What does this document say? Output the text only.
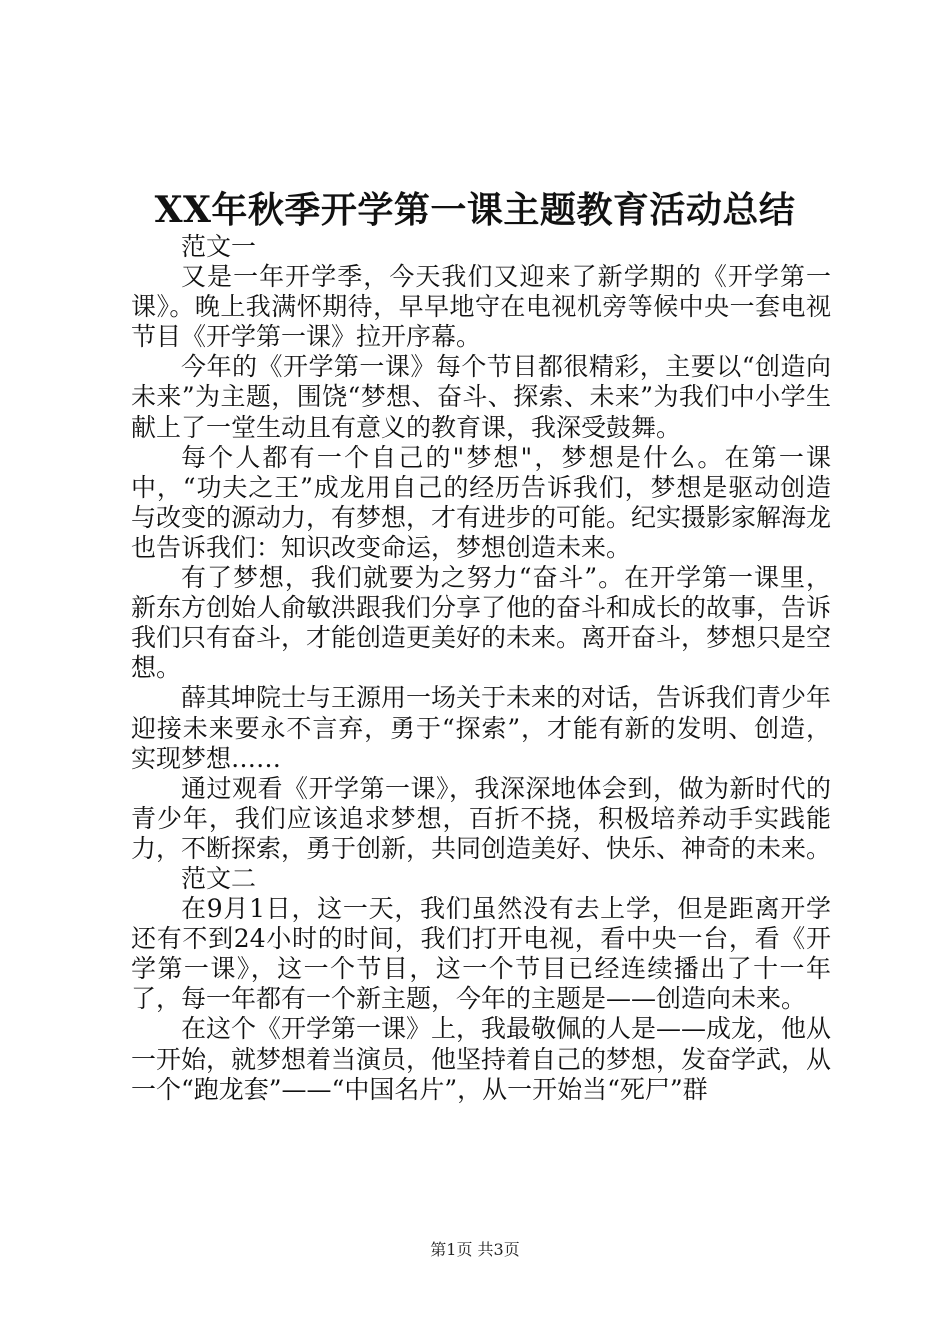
XX年秋季开学第一课主题教育活动总结

范文一

又是一年开学季，今天我们又迎来了新学期的《开学第一课》。晚上我满怀期待，早早地守在电视机旁等候中央一套电视节目《开学第一课》拉开序幕。

今年的《开学第一课》每个节目都很精彩，主要以“创造向未来”为主题，围饶“梦想、奋斗、探索、未来”为我们中小学生献上了一堂生动且有意义的教育课，我深受鼓舞。

每个人都有一个自己的"梦想"，梦想是什么。在第一课中，“功夫之王”成龙用自己的经历告诉我们，梦想是驱动创造与改变的源动力，有梦想，才有进步的可能。纪实摄影家解海龙也告诉我们：知识改变命运，梦想创造未来。

有了梦想，我们就要为之努力“奋斗”。在开学第一课里，新东方创始人俞敏洪跟我们分享了他的奋斗和成长的故事，告诉我们只有奋斗，才能创造更美好的未来。离开奋斗，梦想只是空想。

薛其坤院士与王源用一场关于未来的对话，告诉我们青少年迎接未来要永不言弃，勇于“探索”，才能有新的发明、创造，实现梦想……

通过观看《开学第一课》，我深深地体会到，做为新时代的青少年，我们应该追求梦想，百折不挠，积极培养动手实践能力，不断探索，勇于创新，共同创造美好、快乐、神奇的未来。

范文二

在9月1日，这一天，我们虽然没有去上学，但是距离开学还有不到24小时的时间，我们打开电视，看中央一台，看《开学第一课》，这一个节目，这一个节目已经连续播出了十一年了，每一年都有一个新主题，今年的主题是——创造向未来。

在这个《开学第一课》上，我最敬佩的人是——成龙，他从一开始，就梦想着当演员，他坚持着自己的梦想，发奋学武，从一个“跑龙套”——“中国名片”，从一开始当“死尸”群

第1页 共3页
